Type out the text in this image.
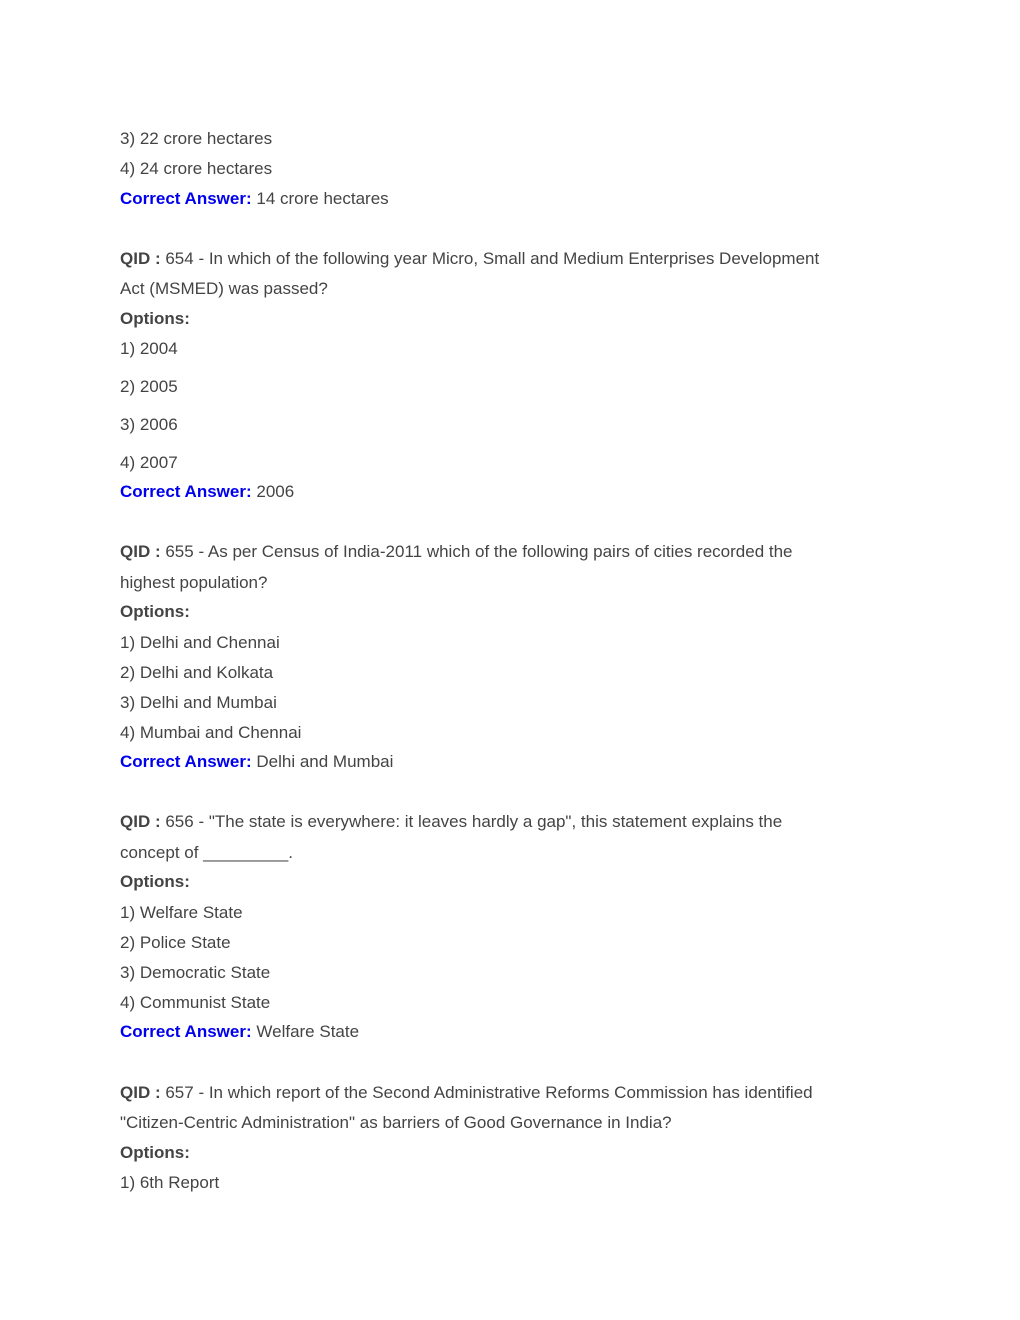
3) 22 crore hectares
4) 24 crore hectares
Correct Answer: 14 crore hectares
QID : 654 - In which of the following year Micro, Small and Medium Enterprises Development
Act (MSMED) was passed?
Options:
1) 2004
2) 2005
3) 2006
4) 2007
Correct Answer: 2006
QID : 655 - As per Census of India-2011 which of the following pairs of cities recorded the
highest population?
Options:
1) Delhi and Chennai
2) Delhi and Kolkata
3) Delhi and Mumbai
4) Mumbai and Chennai
Correct Answer: Delhi and Mumbai
QID : 656 - "The state is everywhere: it leaves hardly a gap", this statement explains the
concept of _________.
Options:
1) Welfare State
2) Police State
3) Democratic State
4) Communist State
Correct Answer: Welfare State
QID : 657 - In which report of the Second Administrative Reforms Commission has identified
"Citizen-Centric Administration" as barriers of Good Governance in India?
Options:
1) 6th Report
